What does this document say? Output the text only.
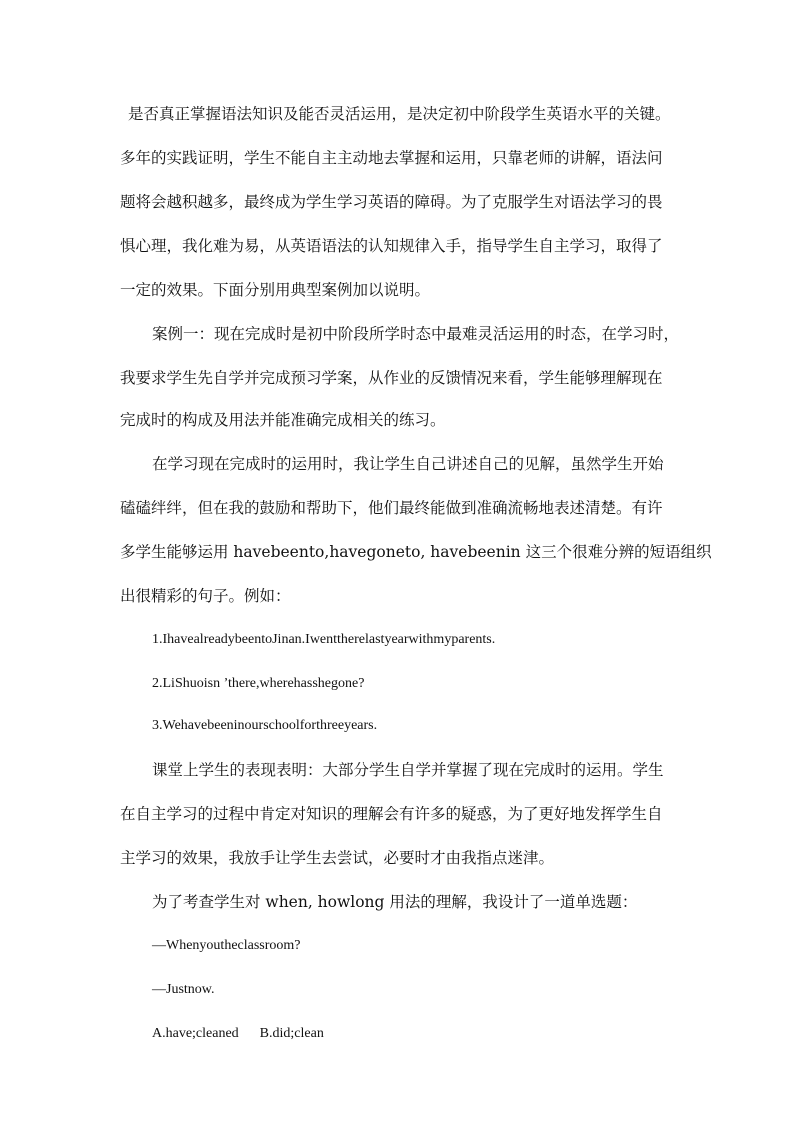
是否真正掌握语法知识及能否灵活运用，是决定初中阶段学生英语水平的关键。
多年的实践证明，学生不能自主主动地去掌握和运用，只靠老师的讲解，语法问
题将会越积越多，最终成为学生学习英语的障碍。为了克服学生对语法学习的畏
惧心理，我化难为易，从英语语法的认知规律入手，指导学生自主学习，取得了
一定的效果。下面分别用典型案例加以说明。
案例一：现在完成时是初中阶段所学时态中最难灵活运用的时态，在学习时，
我要求学生先自学并完成预习学案，从作业的反馈情况来看，学生能够理解现在
完成时的构成及用法并能准确完成相关的练习。
在学习现在完成时的运用时，我让学生自己讲述自己的见解，虽然学生开始
磕磕绊绊，但在我的鼓励和帮助下，他们最终能做到准确流畅地表述清楚。有许
多学生能够运用 havebeento,havegoneto, havebeenin 这三个很难分辨的短语组织
出很精彩的句子。例如：
1.IhavealreadybeentoJinan.Iwenttherelastyearwithmyparents.
2.LiShuoisn ’there,wherehasshegone?
3.Wehavebeeninourschoolforthreeyears.
课堂上学生的表现表明：大部分学生自学并掌握了现在完成时的运用。学生
在自主学习的过程中肯定对知识的理解会有许多的疑惑，为了更好地发挥学生自
主学习的效果，我放手让学生去尝试，必要时才由我指点迷津。
为了考查学生对 when, howlong 用法的理解，我设计了一道单选题：
—Whenyoutheclassroom?
—Justnow.
A.have;cleaned      B.did;clean
